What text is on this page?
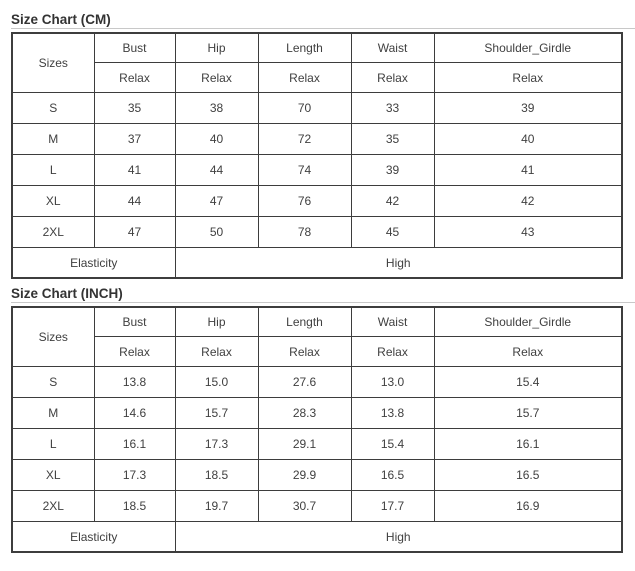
Size Chart (CM)
Sizes	Bust	Hip	Length	Waist	Shoulder_Girdle
	Relax	Relax	Relax	Relax	Relax
S	35	38	70	33	39
M	37	40	72	35	40
L	41	44	74	39	41
XL	44	47	76	42	42
2XL	47	50	78	45	43
Elasticity		High			
Size Chart (INCH)
Sizes	Bust	Hip	Length	Waist	Shoulder_Girdle
	Relax	Relax	Relax	Relax	Relax
S	13.8	15.0	27.6	13.0	15.4
M	14.6	15.7	28.3	13.8	15.7
L	16.1	17.3	29.1	15.4	16.1
XL	17.3	18.5	29.9	16.5	16.5
2XL	18.5	19.7	30.7	17.7	16.9
Elasticity		High			
